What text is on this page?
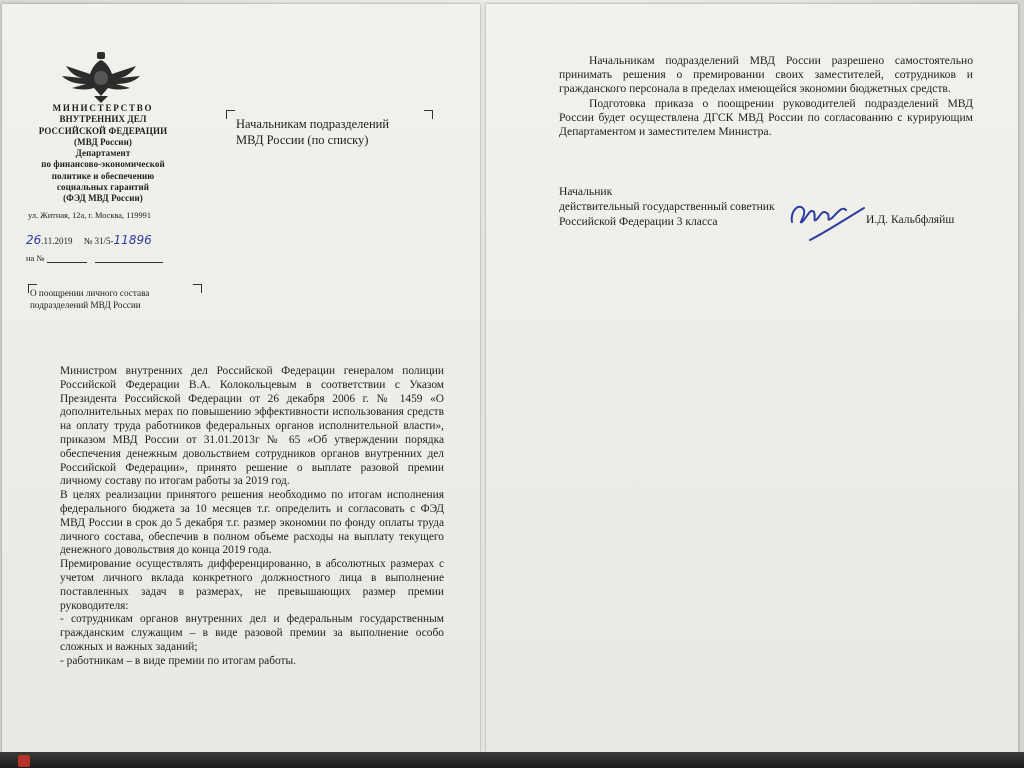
МИНИСТЕРСТВО
ВНУТРЕННИХ ДЕЛ
РОССИЙСКОЙ ФЕДЕРАЦИИ
(МВД России)
Департамент
по финансово-экономической
политике и обеспечению
социальных гарантий
(ФЭД МВД России)
ул. Житная, 12а, г. Москва, 119991
26.11.2019 № 31/5-11896
на №
О поощрении личного состава
подразделений МВД России
Начальникам подразделений
МВД России (по списку)

Министром внутренних дел Российской Федерации генералом полиции Российской Федерации В.А. Колокольцевым в соответствии с Указом Президента Российской Федерации от 26 декабря 2006 г. № 1459 «О дополнительных мерах по повышению эффективности использования средств на оплату труда работников федеральных органов исполнительной власти», приказом МВД России от 31.01.2013г № 65 «Об утверждении порядка обеспечения денежным довольствием сотрудников органов внутренних дел Российской Федерации», принято решение о выплате разовой премии личному составу по итогам работы за 2019 год.

В целях реализации принятого решения необходимо по итогам исполнения федерального бюджета за 10 месяцев т.г. определить и согласовать с ФЭД МВД России в срок до 5 декабря т.г. размер экономии по фонду оплаты труда личного состава, обеспечив в полном объеме расходы на выплату текущего денежного довольствия до конца 2019 года.

Премирование осуществлять дифференцированно, в абсолютных размерах с учетом личного вклада конкретного должностного лица в выполнение поставленных задач в размерах, не превышающих размер премии руководителя:

- сотрудникам органов внутренних дел и федеральным государственным гражданским служащим – в виде разовой премии за выполнение особо сложных и важных заданий;

- работникам – в виде премии по итогам работы.

Начальникам подразделений МВД России разрешено самостоятельно принимать решения о премировании своих заместителей, сотрудников и гражданского персонала в пределах имеющейся экономии бюджетных средств.

Подготовка приказа о поощрении руководителей подразделений МВД России будет осуществлена ДГСК МВД России по согласованию с курирующим Департаментом и заместителем Министра.

Начальник
действительный государственный советник
Российской Федерации 3 класса	И.Д. Кальбфляйш
